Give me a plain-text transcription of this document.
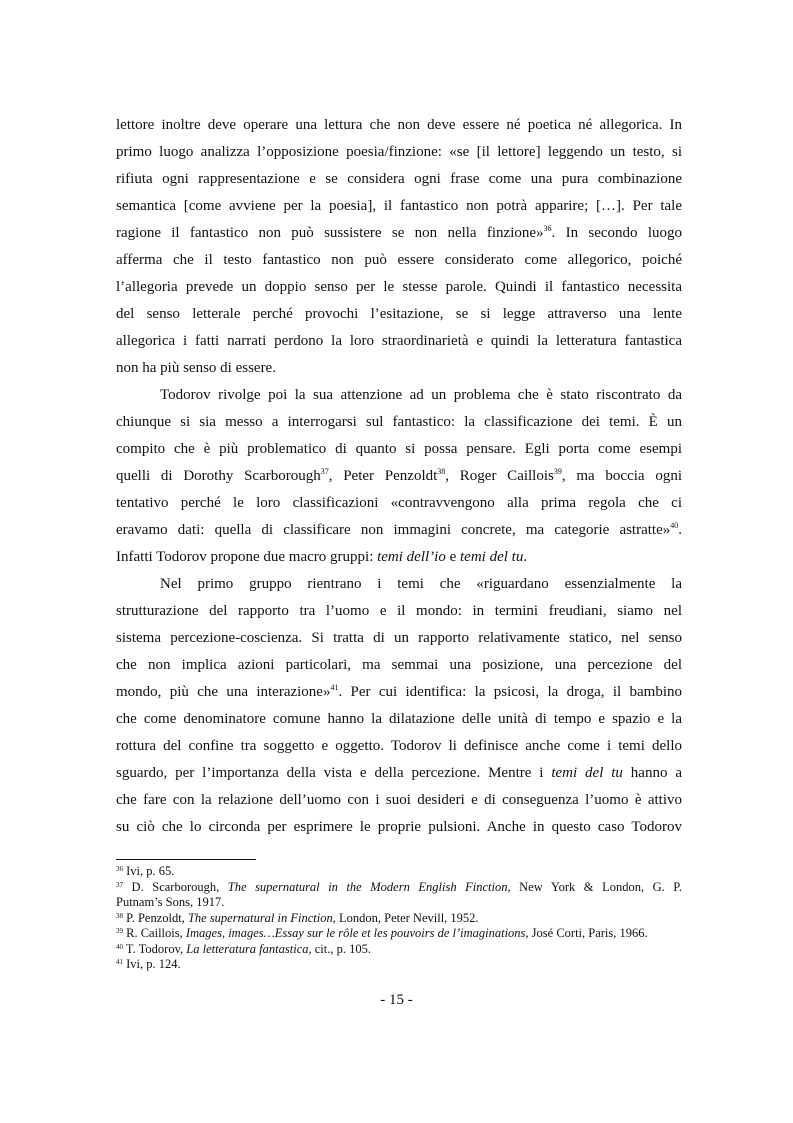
lettore inoltre deve operare una lettura che non deve essere né poetica né allegorica. In
primo luogo analizza l’opposizione poesia/finzione: «se [il lettore] leggendo un testo, si
rifiuta ogni rappresentazione e se considera ogni frase come una pura combinazione
semantica [come avviene per la poesia], il fantastico non potrà apparire; […]. Per tale
ragione il fantastico non può sussistere se non nella finzione»$^{36}$. In secondo luogo
afferma che il testo fantastico non può essere considerato come allegorico, poiché
l’allegoria prevede un doppio senso per le stesse parole. Quindi il fantastico necessita
del senso letterale perché provochi l’esitazione, se si legge attraverso una lente
allegorica i fatti narrati perdono la loro straordinarietà e quindi la letteratura fantastica
non ha più senso di essere.
Todorov rivolge poi la sua attenzione ad un problema che è stato riscontrato da
chiunque si sia messo a interrogarsi sul fantastico: la classificazione dei temi. È un
compito che è più problematico di quanto si possa pensare. Egli porta come esempi
quelli di Dorothy Scarborough$^{37}$, Peter Penzoldt$^{38}$, Roger Caillois$^{39}$, ma boccia ogni
tentativo perché le loro classificazioni «contravvengono alla prima regola che ci
eravamo dati: quella di classificare non immagini concrete, ma categorie astratte»$^{40}$.
Infatti Todorov propone due macro gruppi: temi dell’io e temi del tu.
Nel primo gruppo rientrano i temi che «riguardano essenzialmente la
strutturazione del rapporto tra l’uomo e il mondo: in termini freudiani, siamo nel
sistema percezione-coscienza. Si tratta di un rapporto relativamente statico, nel senso
che non implica azioni particolari, ma semmai una posizione, una percezione del
mondo, più che una interazione»$^{41}$. Per cui identifica: la psicosi, la droga, il bambino
che come denominatore comune hanno la dilatazione delle unità di tempo e spazio e la
rottura del confine tra soggetto e oggetto. Todorov li definisce anche come i temi dello
sguardo, per l’importanza della vista e della percezione. Mentre i temi del tu hanno a
che fare con la relazione dell’uomo con i suoi desideri e di conseguenza l’uomo è attivo
su ciò che lo circonda per esprimere le proprie pulsioni. Anche in questo caso Todorov
$^{36}$ Ivi, p. 65.
$^{37}$ D. Scarborough, The supernatural in the Modern English Finction, New York & London, G. P.
Putnam’s Sons, 1917.
$^{38}$ P. Penzoldt, The supernatural in Finction, London, Peter Nevill, 1952.
$^{39}$ R. Caillois, Images, images…Essay sur le rôle et les pouvoirs de l’imaginations, José Corti, Paris, 1966.
$^{40}$ T. Todorov, La letteratura fantastica, cit., p. 105.
$^{41}$ Ivi, p. 124.
- 15 -
